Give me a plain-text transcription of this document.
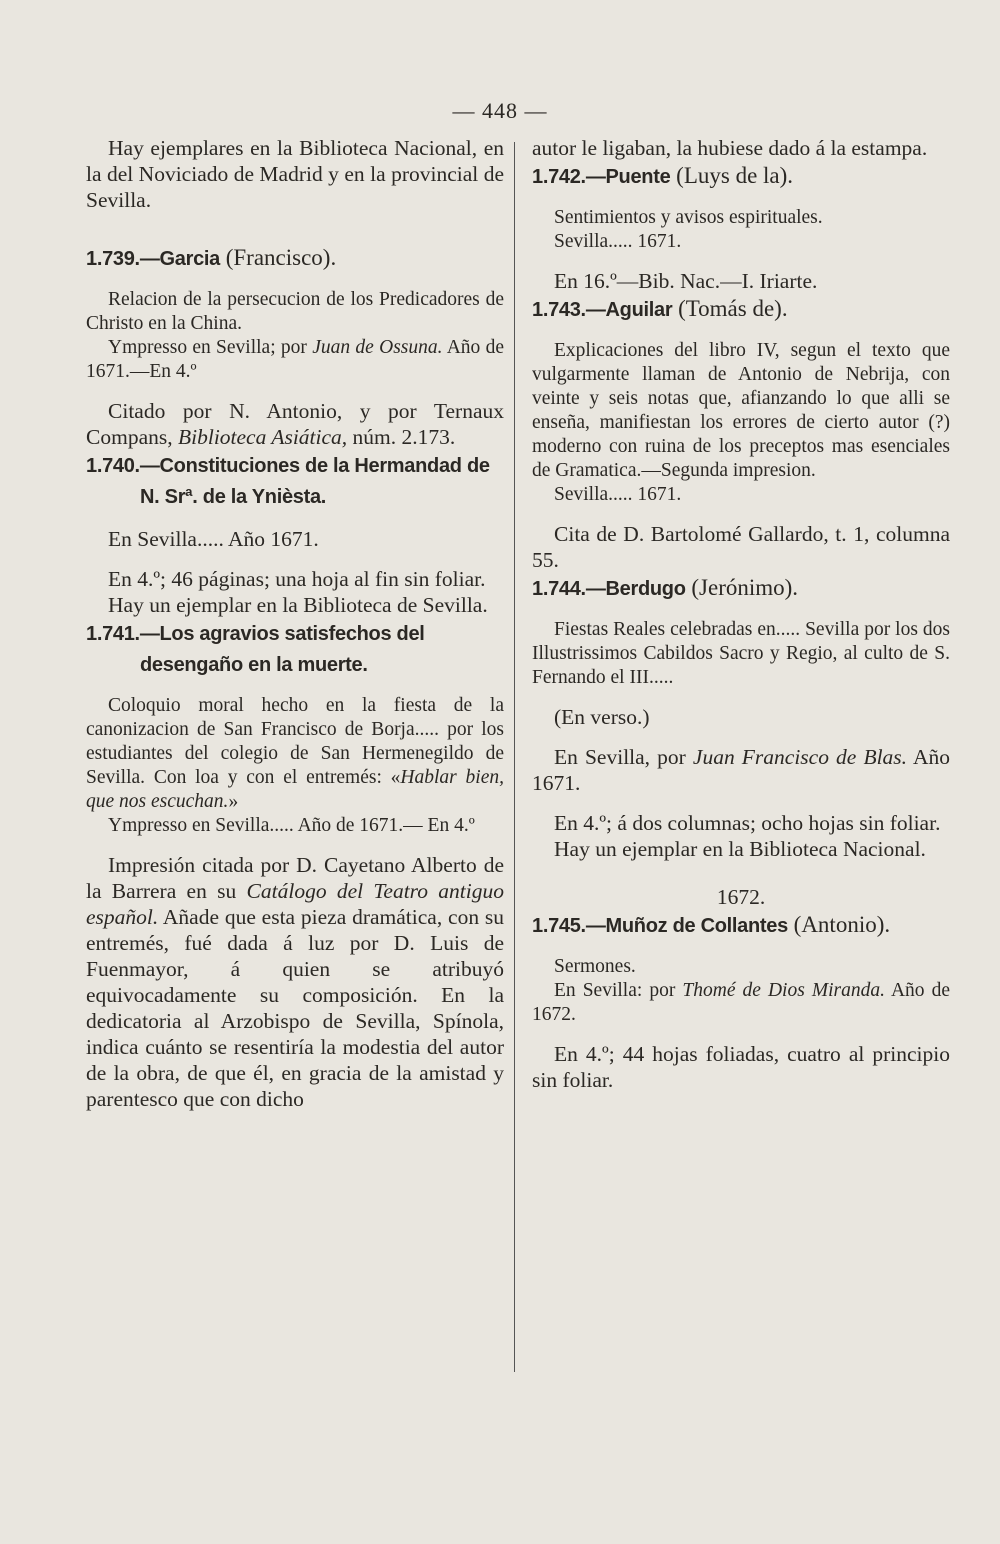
— 448 —

Hay ejemplares en la Biblioteca Nacional, en la del Noviciado de Madrid y en la provincial de Sevilla.

1.739.—Garcia (Francisco).

Relacion de la persecucion de los Predicadores de Christo en la China.

Ympresso en Sevilla; por Juan de Ossuna. Año de 1671.—En 4.º

Citado por N. Antonio, y por Ternaux Compans, Biblioteca Asiática, núm. 2.173.

1.740.—Constituciones de la Hermandad de N. Srª. de la Ynièsta.

En Sevilla..... Año 1671.

En 4.º; 46 páginas; una hoja al fin sin foliar.

Hay un ejemplar en la Biblioteca de Sevilla.

1.741.—Los agravios satisfechos del desengaño en la muerte.

Coloquio moral hecho en la fiesta de la canonizacion de San Francisco de Borja..... por los estudiantes del colegio de San Hermenegildo de Sevilla. Con loa y con el entremés: «Hablar bien, que nos escuchan.»

Ympresso en Sevilla..... Año de 1671.— En 4.º

Impresión citada por D. Cayetano Alberto de la Barrera en su Catálogo del Teatro antiguo español. Añade que esta pieza dramática, con su entremés, fué dada á luz por D. Luis de Fuenmayor, á quien se atribuyó equivocadamente su composición. En la dedicatoria al Arzobispo de Sevilla, Spínola, indica cuánto se resentiría la modestia del autor de la obra, de que él, en gracia de la amistad y parentesco que con dicho

autor le ligaban, la hubiese dado á la estampa.

1.742.—Puente (Luys de la).

Sentimientos y avisos espirituales.

Sevilla..... 1671.

En 16.º—Bib. Nac.—I. Iriarte.

1.743.—Aguilar (Tomás de).

Explicaciones del libro IV, segun el texto que vulgarmente llaman de Antonio de Nebrija, con veinte y seis notas que, afianzando lo que alli se enseña, manifiestan los errores de cierto autor (?) moderno con ruina de los preceptos mas esenciales de Gramatica.—Segunda impresion.

Sevilla..... 1671.

Cita de D. Bartolomé Gallardo, t. 1, columna 55.

1.744.—Berdugo (Jerónimo).

Fiestas Reales celebradas en..... Sevilla por los dos Illustrissimos Cabildos Sacro y Regio, al culto de S. Fernando el III.....

(En verso.)

En Sevilla, por Juan Francisco de Blas. Año 1671.

En 4.º; á dos columnas; ocho hojas sin foliar.

Hay un ejemplar en la Biblioteca Nacional.

1672.
1.745.—Muñoz de Collantes (Antonio).

Sermones.

En Sevilla: por Thomé de Dios Miranda. Año de 1672.

En 4.º; 44 hojas foliadas, cuatro al principio sin foliar.
